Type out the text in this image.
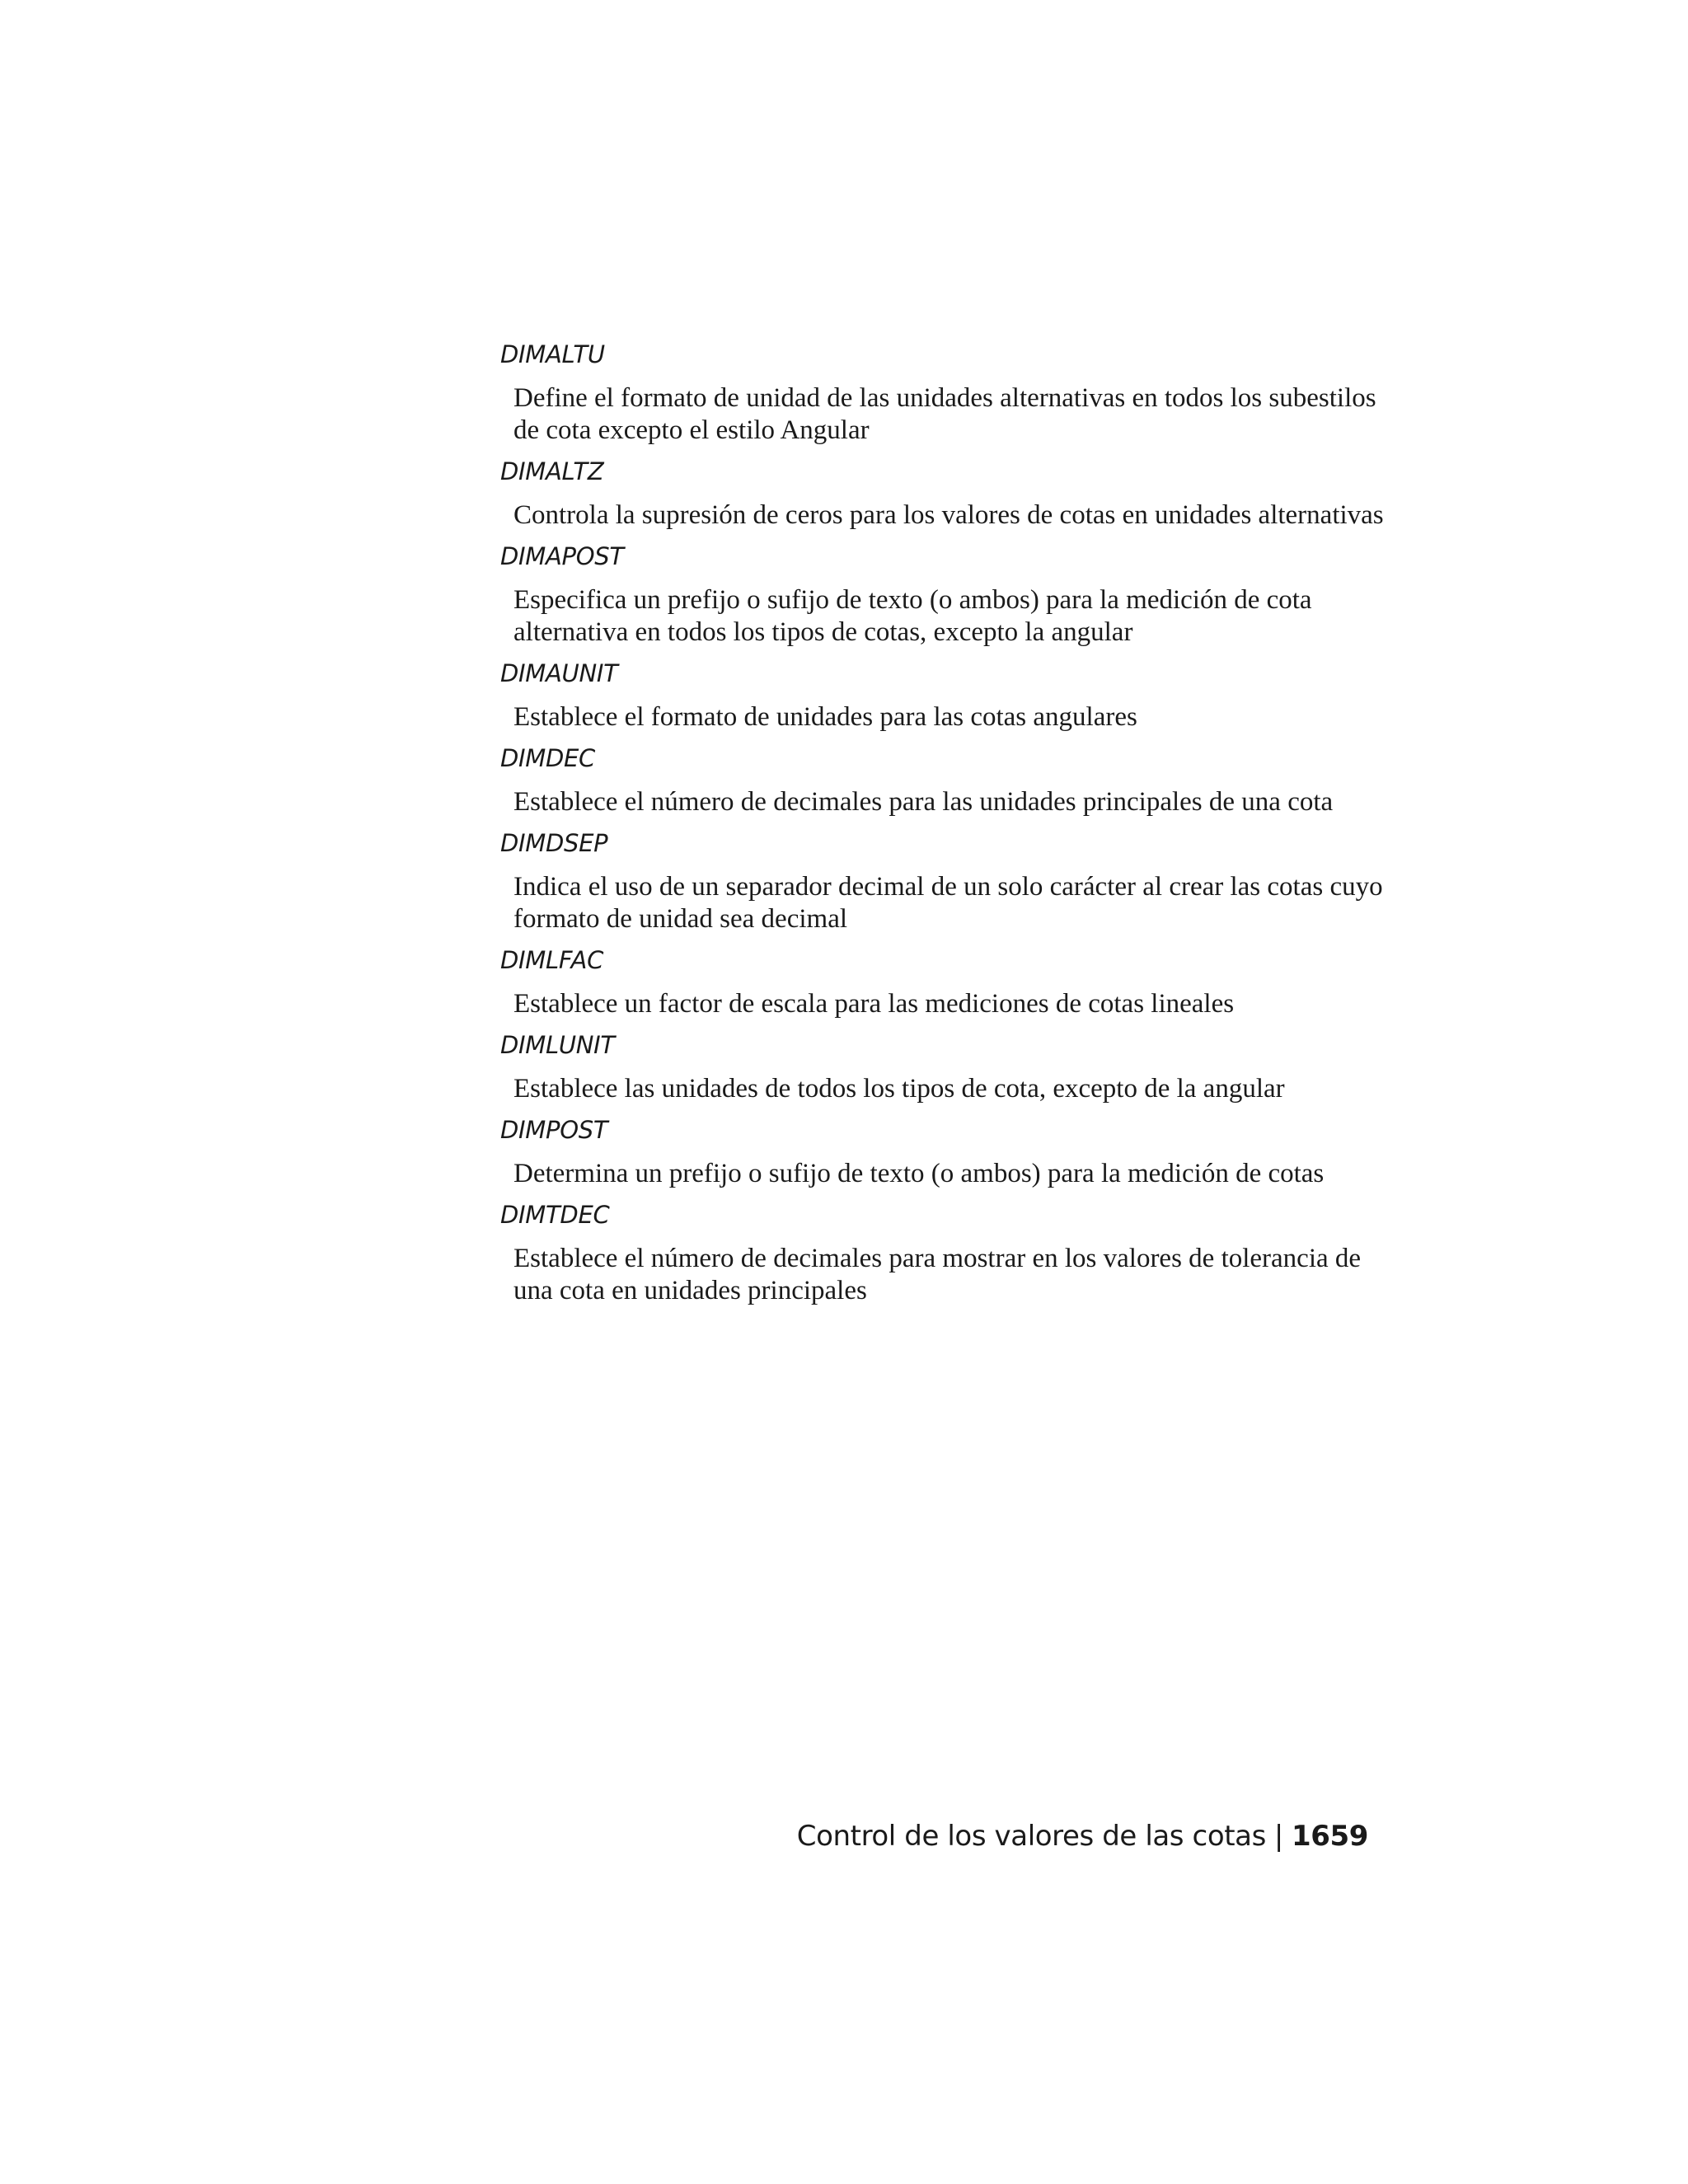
DIMALTU

Define el formato de unidad de las unidades alternativas en todos los subestilos de cota excepto el estilo Angular

DIMALTZ

Controla la supresión de ceros para los valores de cotas en unidades alternativas

DIMAPOST

Especifica un prefijo o sufijo de texto (o ambos) para la medición de cota alternativa en todos los tipos de cotas, excepto la angular

DIMAUNIT

Establece el formato de unidades para las cotas angulares

DIMDEC

Establece el número de decimales para las unidades principales de una cota

DIMDSEP

Indica el uso de un separador decimal de un solo carácter al crear las cotas cuyo formato de unidad sea decimal

DIMLFAC

Establece un factor de escala para las mediciones de cotas lineales

DIMLUNIT

Establece las unidades de todos los tipos de cota, excepto de la angular

DIMPOST

Determina un prefijo o sufijo de texto (o ambos) para la medición de cotas

DIMTDEC

Establece el número de decimales para mostrar en los valores de tolerancia de una cota en unidades principales

Control de los valores de las cotas | 1659
